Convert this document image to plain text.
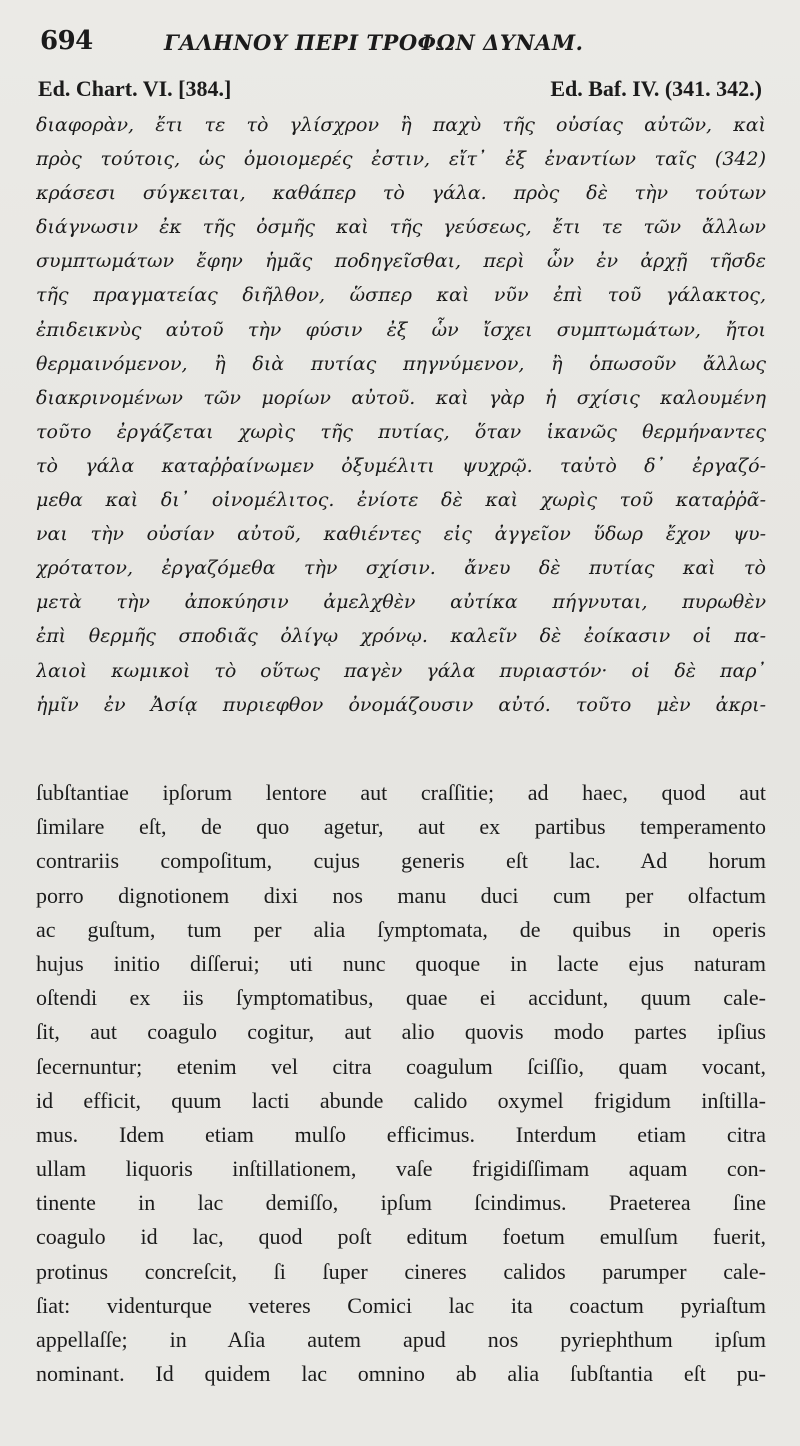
694	ΓΑΛΗΝΟΥ ΠΕΡΙ ΤΡΟΦΩΝ ΔΥΝΑΜ.
Ed. Chart. VI. [384.]	Ed. Baf. IV. (341. 342.)
διαφορὰν, ἔτι τε τὸ γλίσχρον ἢ παχὺ τῆς οὐσίας αὐτῶν, καὶ
πρὸς τούτοις, ὡς ὁμοιομερές ἐστιν, εἴτ᾽ ἐξ ἐναντίων ταῖς (342)
κράσεσι σύγκειται, καθάπερ τὸ γάλα. πρὸς δὲ τὴν τούτων
διάγνωσιν ἐκ τῆς ὀσμῆς καὶ τῆς γεύσεως, ἔτι τε τῶν ἄλλων
συμπτωμάτων ἔφην ἡμᾶς ποδηγεῖσθαι, περὶ ὧν ἐν ἀρχῇ τῆσδε
τῆς πραγματείας διῆλθον, ὥσπερ καὶ νῦν ἐπὶ τοῦ γάλακτος,
ἐπιδεικνὺς αὐτοῦ τὴν φύσιν ἐξ ὧν ἴσχει συμπτωμάτων, ἤτοι
θερμαινόμενον, ἢ διὰ πυτίας πηγνύμενον, ἢ ὁπωσοῦν ἄλλως
διακρινομένων τῶν μορίων αὐτοῦ. καὶ γὰρ ἡ σχίσις καλουμένη
τοῦτο ἐργάζεται χωρὶς τῆς πυτίας, ὅταν ἱκανῶς θερμήναντες
τὸ γάλα καταῤῥαίνωμεν ὀξυμέλιτι ψυχρῷ. ταὐτὸ δ᾽ ἐργαζό-
μεθα καὶ δι᾽ οἰνομέλιτος. ἐνίοτε δὲ καὶ χωρὶς τοῦ καταῤῥᾶ-
ναι τὴν οὐσίαν αὐτοῦ, καθιέντες εἰς ἀγγεῖον ὕδωρ ἔχον ψυ-
χρότατον, ἐργαζόμεθα τὴν σχίσιν. ἄνευ δὲ πυτίας καὶ τὸ
μετὰ τὴν ἀποκύησιν ἀμελχθὲν αὐτίκα πήγνυται, πυρωθὲν
ἐπὶ θερμῆς σποδιᾶς ὀλίγῳ χρόνῳ. καλεῖν δὲ ἐοίκασιν οἱ πα-
λαιοὶ κωμικοὶ τὸ οὕτως παγὲν γάλα πυριαστόν· οἱ δὲ παρ᾽
ἡμῖν ἐν Ἀσίᾳ πυριεφθον ὀνομάζουσιν αὐτό. τοῦτο μὲν ἀκρι-
ſubſtantiae ipſorum lentore aut craſſitie; ad haec, quod aut
ſimilare eſt, de quo agetur, aut ex partibus temperamento
contrariis compoſitum, cujus generis eſt lac. Ad horum
porro dignotionem dixi nos manu duci cum per olfactum
ac guſtum, tum per alia ſymptomata, de quibus in operis
hujus initio diſſerui; uti nunc quoque in lacte ejus naturam
oſtendi ex iis ſymptomatibus, quae ei accidunt, quum cale-
ſit, aut coagulo cogitur, aut alio quovis modo partes ipſius
ſecernuntur; etenim vel citra coagulum ſciſſio, quam vocant,
id efficit, quum lacti abunde calido oxymel frigidum inſtilla-
mus. Idem etiam mulſo efficimus. Interdum etiam citra
ullam liquoris inſtillationem, vaſe frigidiſſimam aquam con-
tinente in lac demiſſo, ipſum ſcindimus. Praeterea ſine
coagulo id lac, quod poſt editum foetum emulſum fuerit,
protinus concreſcit, ſi ſuper cineres calidos parumper cale-
ſiat: videnturque veteres Comici lac ita coactum pyriaſtum
appellaſſe; in Aſia autem apud nos pyriephthum ipſum
nominant. Id quidem lac omnino ab alia ſubſtantia eſt pu-
